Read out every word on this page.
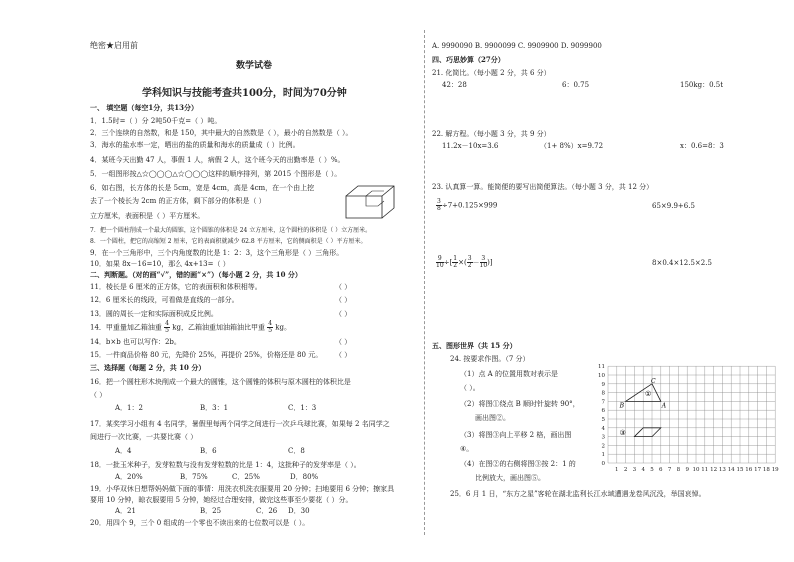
绝密★启用前
数学试卷
学科知识与技能考查共100分，时间为70分钟
一、 填空题（每空1分，共13分）
1．1.5时=（ ）分 2吨50千克=（ ）吨。
2．三个连续的自然数，和是 150，其中最大的自然数是（ ），最小的自然数是（ ）。
3．海水的盐水率一定，晒出的盐的质量和海水的质量成（ ）比例。
4．某班今天出勤 47 人，事假 1 人，病假 2 人，这个班今天的出勤率是（ ）%。
5．一组图形按△☆◯◯◯△☆◯◯◯这样的顺序排列，第 2015 个图形是（ ）。
6．如右图，长方体的长是 5cm，宽是 4cm，高是 4cm，在一个由上挖
去了一个棱长为 2cm 的正方体，剩下部分的体积是（ ）
立方厘米，表面积是（ ）平方厘米。
7．把一个圆柱削成一个最大的圆锥，这个圆锥的体积是 24 立方厘米，这个圆柱的体积是（ ）立方厘米。
8．一个圆柱，把它的高缩短 2 厘米，它的表面积就减少 62.8 平方厘米，它的侧面积是（ ）平方厘米。
9．在一个三角形中，三个内角度数的比是 1：2：3，这个三角形是（ ）三角形。
10．如果 8x－16=10，那么 4x+13=（ ）
二、判断题。（对的画“√”，错的画“×”）（每小题 2 分，共 10 分）
11．棱长是 6 厘米的正方体，它的表面积和体积相等。	（ ）
12．6 厘米长的线段，可看做是直线的一部分。	（ ）
13．圆的周长一定和实际面积成反比例。
14．甲重量加乙箱油重 $\frac{4}{5}$ kg，乙箱油重加油箱油比甲重 $\frac{4}{5}$ kg。
（ ）
14．b×b 也可以写作：2b。	（ ）
15．一件商品价格 80 元，先降价 25%，再提价 25%，价格还是 80 元。 （ ）
三、选择题（每题 2 分，共 10 分）
16．把一个圆柱形木块削成一个最大的圆锥，这个圆锥的体积与原木圆柱的体积比是
（ ）
A．1：2	B．3：1	C．1：3
17．某奖学习小组有 4 名同学，暑假里每两个同学之间进行一次乒乓球比赛，如果每 2 名同学之
间进行一次比赛，一共要比赛（ ）
A．4	B．6	C．8
18．一批玉米种子，发芽粒数与没有发芽粒数的比是 1：4，这批种子的发芽率是（ ）。
A．20%	B．75%	C．25%	D．80%
19．小华双休日想帮妈妈做下面的事情：用洗衣机洗衣服要用 20 分钟；扫地要用 6 分钟；擦家具
要用 10 分钟，晾衣服要用 5 分钟，她经过合理安排，做完这些事至少要花（ ）分。
A．21	B．25	C．26 D．30
20．用四个 9，三个 0 组成的一个零也不读出来的七位数可以是（ ）。
A. 9990090 B. 9900099 C. 9909900 D. 9099900
四、巧思妙算（27分）
21. 化简比。（每小题 2 分，共 6 分）
42：28	6：0.75	150kg：0.5t
22. 解方程。（每小题 3 分，共 9 分）
11.2x－10x=3.6	（1+ 8%）x=9.72	x：0.6=8：3
23. 认真算一算。能简便的要写出简便算法。（每小题 3 分，共 12 分）
$\frac{3}{8} \div 7+0.125\times 999$	65×9.9+6.5
$\frac{9}{10}$ ÷[ $\frac{1}{2}$ ×( $\frac{3}{2} - \frac{3}{10}$ )]	8×0.4×12.5×2.5
五、图形世界（共 15 分）
24. 按要求作图。（7 分）
（1）点 A 的位置用数对表示是
（ ）。
（2）将图①绕点 B 顺时针旋转 90°，
画出图②。
（3）将图③向上平移 2 格，画出图
④。
（4）在图②的右侧将图③按 2：1 的
比例放大，画出图⑤。
11
10
9
8
7
6
5
4
3
2
1
0
1 2 3 4 5 6 7 8 9 10 11 12 13 14 15 16 17 18 19
B	A
C
①
③
25．6 月 1 日，“东方之星”客轮在湖北监利长江水域遭遇龙卷风沉没，举国哀悼。
